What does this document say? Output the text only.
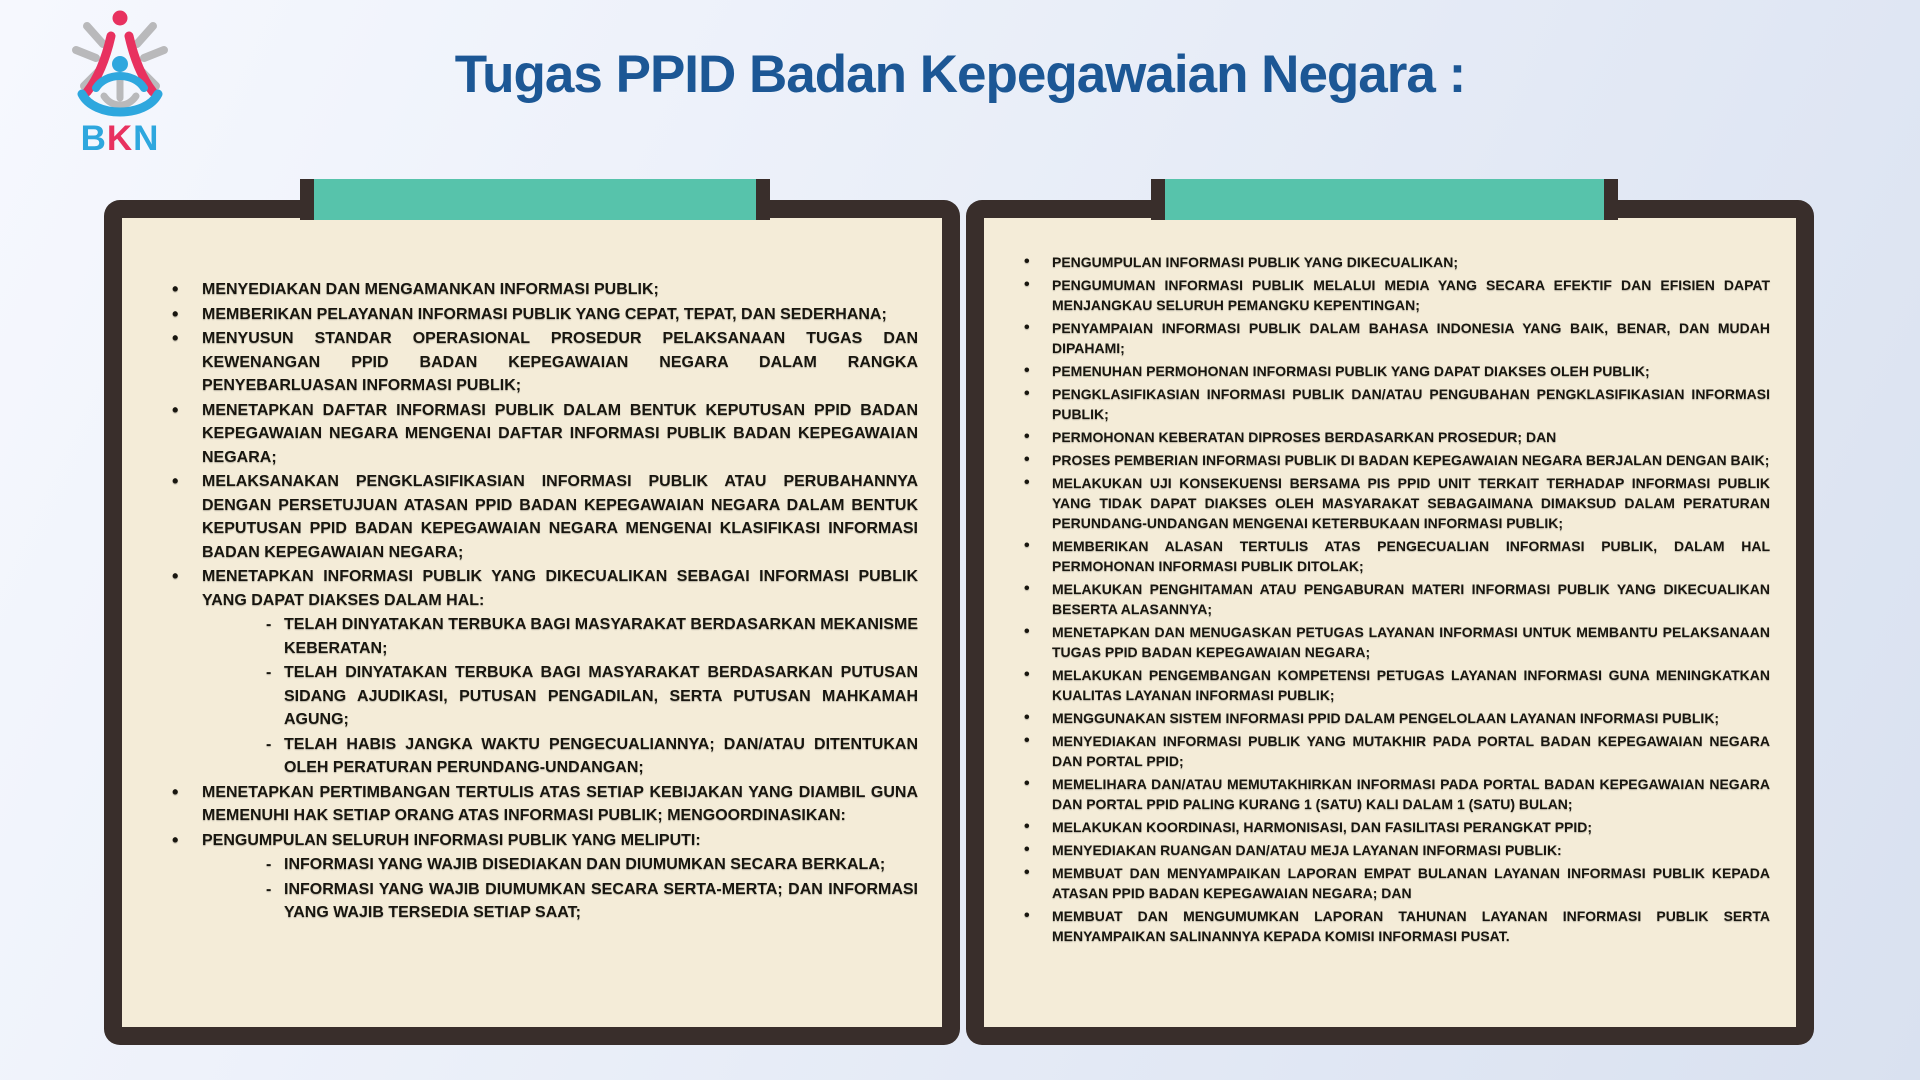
BKN
Tugas PPID Badan Kepegawaian Negara :
• MENYEDIAKAN DAN MENGAMANKAN INFORMASI PUBLIK;
• MEMBERIKAN PELAYANAN INFORMASI PUBLIK YANG CEPAT, TEPAT, DAN SEDERHANA;
• MENYUSUN STANDAR OPERASIONAL PROSEDUR PELAKSANAAN TUGAS DAN KEWENANGAN PPID BADAN KEPEGAWAIAN NEGARA DALAM RANGKA PENYEBARLUASAN INFORMASI PUBLIK;
• MENETAPKAN DAFTAR INFORMASI PUBLIK DALAM BENTUK KEPUTUSAN PPID BADAN KEPEGAWAIAN NEGARA MENGENAI DAFTAR INFORMASI PUBLIK BADAN KEPEGAWAIAN NEGARA;
• MELAKSANAKAN PENGKLASIFIKASIAN INFORMASI PUBLIK ATAU PERUBAHANNYA DENGAN PERSETUJUAN ATASAN PPID BADAN KEPEGAWAIAN NEGARA DALAM BENTUK KEPUTUSAN PPID BADAN KEPEGAWAIAN NEGARA MENGENAI KLASIFIKASI INFORMASI BADAN KEPEGAWAIAN NEGARA;
• MENETAPKAN INFORMASI PUBLIK YANG DIKECUALIKAN SEBAGAI INFORMASI PUBLIK YANG DAPAT DIAKSES DALAM HAL:
- TELAH DINYATAKAN TERBUKA BAGI MASYARAKAT BERDASARKAN MEKANISME KEBERATAN;
- TELAH DINYATAKAN TERBUKA BAGI MASYARAKAT BERDASARKAN PUTUSAN SIDANG AJUDIKASI, PUTUSAN PENGADILAN, SERTA PUTUSAN MAHKAMAH AGUNG;
- TELAH HABIS JANGKA WAKTU PENGECUALIANNYA; DAN/ATAU DITENTUKAN OLEH PERATURAN PERUNDANG-UNDANGAN;
• MENETAPKAN PERTIMBANGAN TERTULIS ATAS SETIAP KEBIJAKAN YANG DIAMBIL GUNA MEMENUHI HAK SETIAP ORANG ATAS INFORMASI PUBLIK; MENGOORDINASIKAN:
• PENGUMPULAN SELURUH INFORMASI PUBLIK YANG MELIPUTI:
- INFORMASI YANG WAJIB DISEDIAKAN DAN DIUMUMKAN SECARA BERKALA;
- INFORMASI YANG WAJIB DIUMUMKAN SECARA SERTA-MERTA; DAN INFORMASI YANG WAJIB TERSEDIA SETIAP SAAT;
• PENGUMPULAN INFORMASI PUBLIK YANG DIKECUALIKAN;
• PENGUMUMAN INFORMASI PUBLIK MELALUI MEDIA YANG SECARA EFEKTIF DAN EFISIEN DAPAT MENJANGKAU SELURUH PEMANGKU KEPENTINGAN;
• PENYAMPAIAN INFORMASI PUBLIK DALAM BAHASA INDONESIA YANG BAIK, BENAR, DAN MUDAH DIPAHAMI;
• PEMENUHAN PERMOHONAN INFORMASI PUBLIK YANG DAPAT DIAKSES OLEH PUBLIK;
• PENGKLASIFIKASIAN INFORMASI PUBLIK DAN/ATAU PENGUBAHAN PENGKLASIFIKASIAN INFORMASI PUBLIK;
• PERMOHONAN KEBERATAN DIPROSES BERDASARKAN PROSEDUR; DAN
• PROSES PEMBERIAN INFORMASI PUBLIK DI BADAN KEPEGAWAIAN NEGARA BERJALAN DENGAN BAIK;
• MELAKUKAN UJI KONSEKUENSI BERSAMA PIS PPID UNIT TERKAIT TERHADAP INFORMASI PUBLIK YANG TIDAK DAPAT DIAKSES OLEH MASYARAKAT SEBAGAIMANA DIMAKSUD DALAM PERATURAN PERUNDANG-UNDANGAN MENGENAI KETERBUKAAN INFORMASI PUBLIK;
• MEMBERIKAN ALASAN TERTULIS ATAS PENGECUALIAN INFORMASI PUBLIK, DALAM HAL PERMOHONAN INFORMASI PUBLIK DITOLAK;
• MELAKUKAN PENGHITAMAN ATAU PENGABURAN MATERI INFORMASI PUBLIK YANG DIKECUALIKAN BESERTA ALASANNYA;
• MENETAPKAN DAN MENUGASKAN PETUGAS LAYANAN INFORMASI UNTUK MEMBANTU PELAKSANAAN TUGAS PPID BADAN KEPEGAWAIAN NEGARA;
• MELAKUKAN PENGEMBANGAN KOMPETENSI PETUGAS LAYANAN INFORMASI GUNA MENINGKATKAN KUALITAS LAYANAN INFORMASI PUBLIK;
• MENGGUNAKAN SISTEM INFORMASI PPID DALAM PENGELOLAAN LAYANAN INFORMASI PUBLIK;
• MENYEDIAKAN INFORMASI PUBLIK YANG MUTAKHIR PADA PORTAL BADAN KEPEGAWAIAN NEGARA DAN PORTAL PPID;
• MEMELIHARA DAN/ATAU MEMUTAKHIRKAN INFORMASI PADA PORTAL BADAN KEPEGAWAIAN NEGARA DAN PORTAL PPID PALING KURANG 1 (SATU) KALI DALAM 1 (SATU) BULAN;
• MELAKUKAN KOORDINASI, HARMONISASI, DAN FASILITASI PERANGKAT PPID;
• MENYEDIAKAN RUANGAN DAN/ATAU MEJA LAYANAN INFORMASI PUBLIK:
• MEMBUAT DAN MENYAMPAIKAN LAPORAN EMPAT BULANAN LAYANAN INFORMASI PUBLIK KEPADA ATASAN PPID BADAN KEPEGAWAIAN NEGARA; DAN
• MEMBUAT DAN MENGUMUMKAN LAPORAN TAHUNAN LAYANAN INFORMASI PUBLIK SERTA MENYAMPAIKAN SALINANNYA KEPADA KOMISI INFORMASI PUSAT.
